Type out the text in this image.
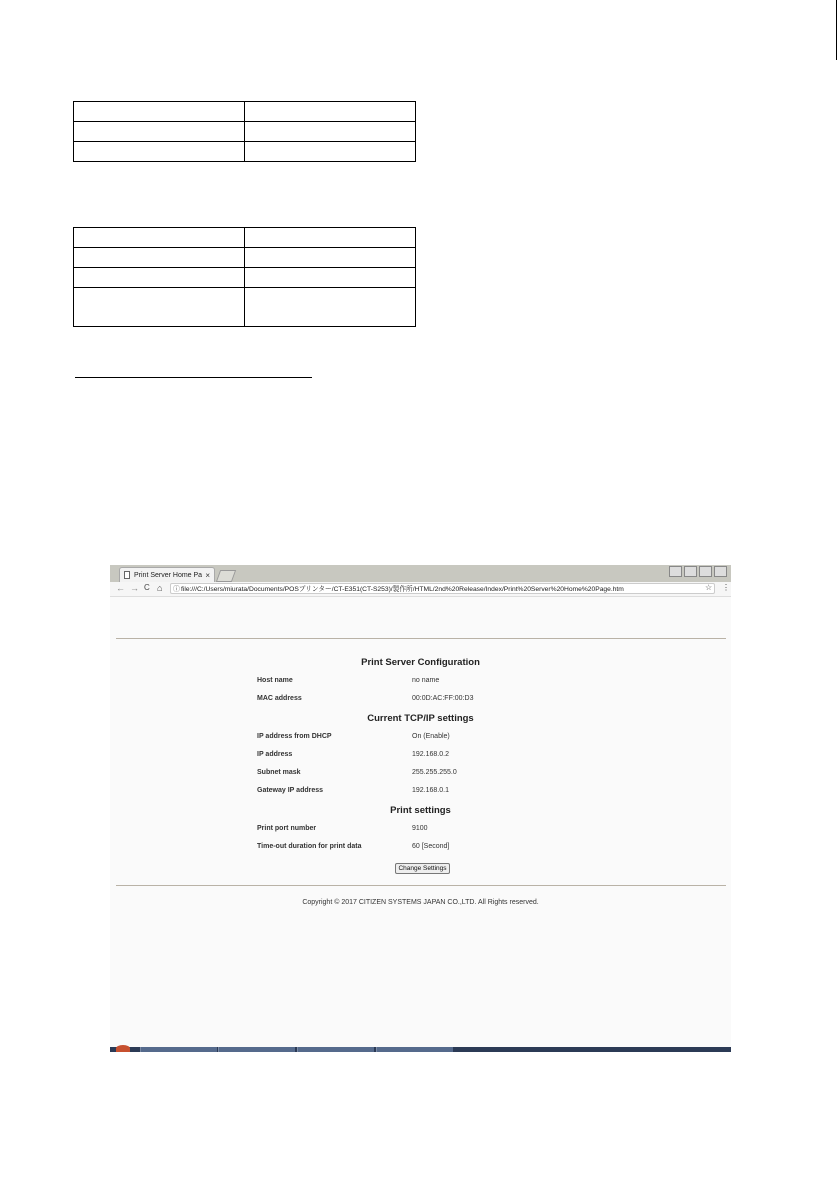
Print Server Home Pa ×
← → C ⌂ ⓘ file:///C:/Users/miurata/Documents/POSプリンター/CT-E351(CT-S253)/製作所/HTML/2nd%20Release/Index/Print%20Server%20Home%20Page.htm	☆ ⋮
Print Server Configuration
Host name	no name
MAC address	00:0D:AC:FF:00:D3
Current TCP/IP settings
IP address from DHCP	On (Enable)
IP address	192.168.0.2
Subnet mask	255.255.255.0
Gateway IP address	192.168.0.1
Print settings
Print port number	9100
Time-out duration for print data	60 [Second]
Change Settings
Copyright © 2017 CITIZEN SYSTEMS JAPAN CO.,LTD. All Rights reserved.
